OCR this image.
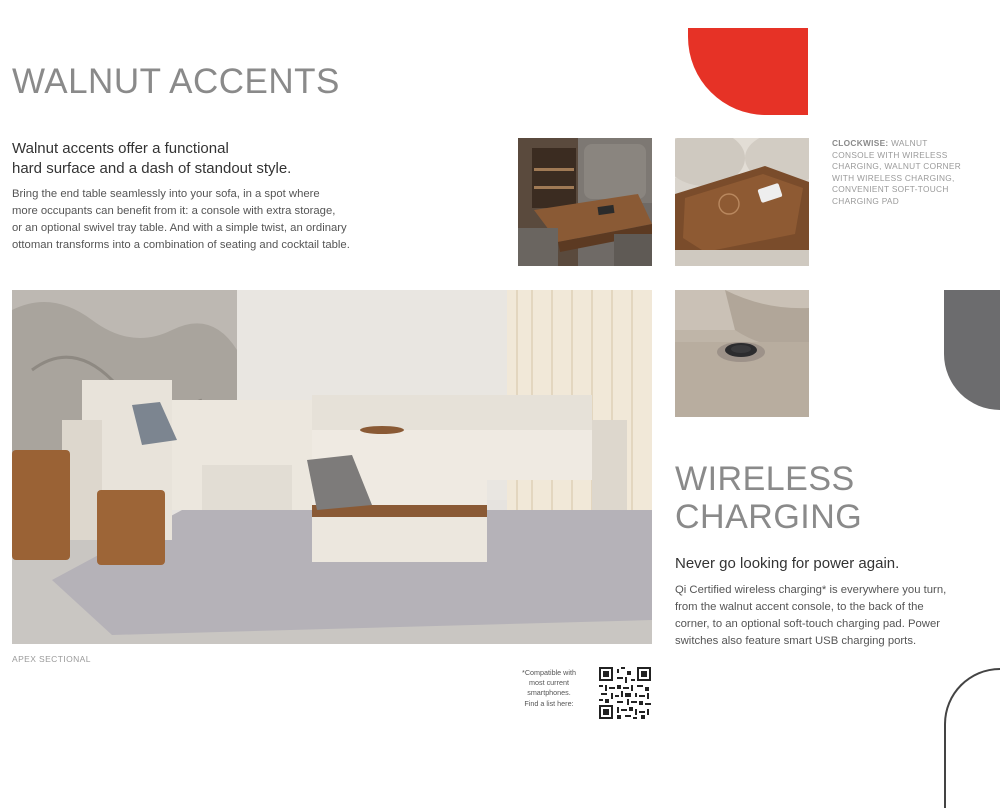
WALNUT ACCENTS

Walnut accents offer a functional
hard surface and a dash of standout style.

Bring the end table seamlessly into your sofa, in a spot where
more occupants can benefit from it: a console with extra storage,
or an optional swivel tray table. And with a simple twist, an ordinary
ottoman transforms into a combination of seating and cocktail table.

CLOCKWISE: WALNUT
CONSOLE WITH WIRELESS
CHARGING, WALNUT CORNER
WITH WIRELESS CHARGING,
CONVENIENT SOFT-TOUCH
CHARGING PAD
APEX SECTIONAL
WIRELESS
CHARGING

Never go looking for power again.

Qi Certified wireless charging* is everywhere you turn,
from the walnut accent console, to the back of the
corner, to an optional soft-touch charging pad. Power
switches also feature smart USB charging ports.

*Compatible with
most current
smartphones.
Find a list here:
